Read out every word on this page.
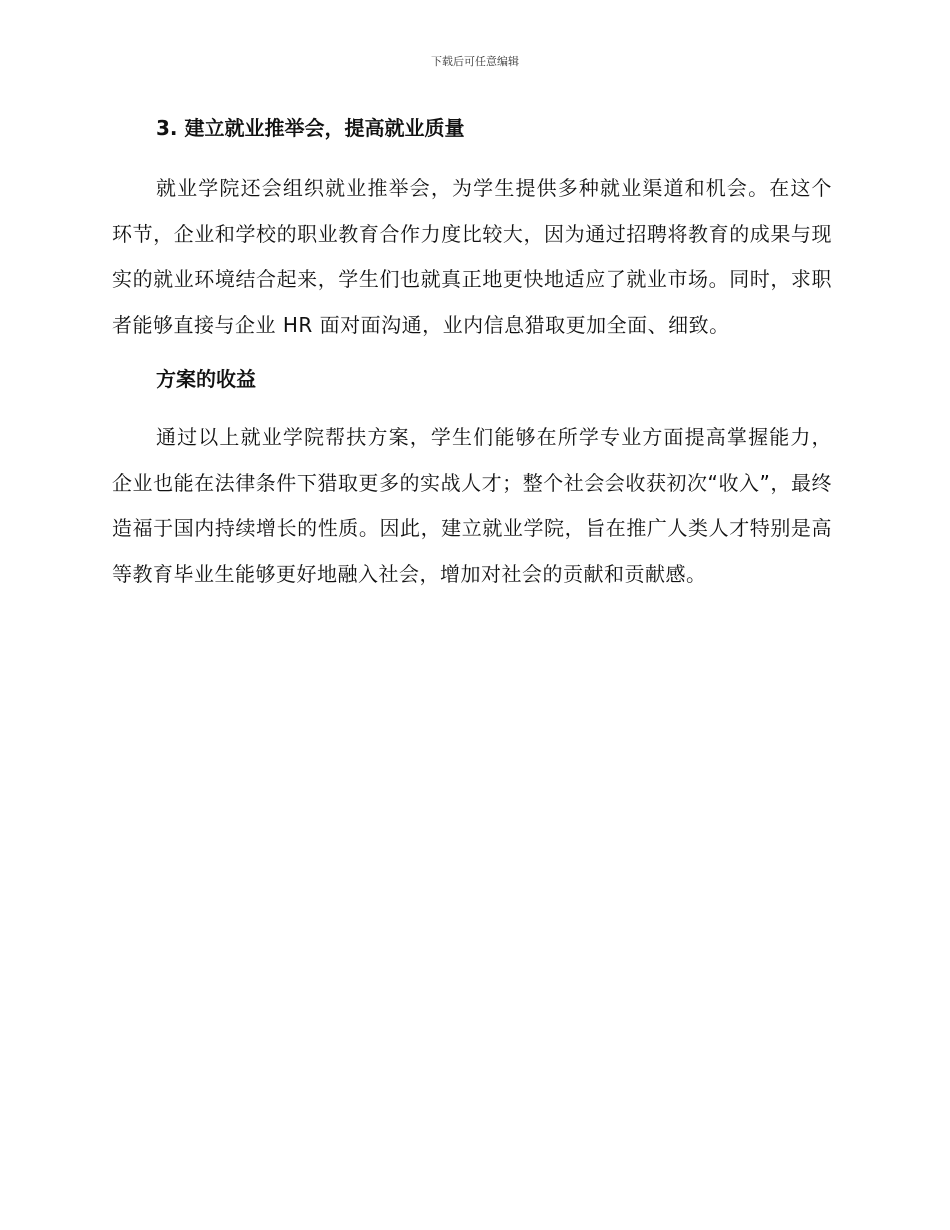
下载后可任意编辑
3. 建立就业推举会，提高就业质量

就业学院还会组织就业推举会，为学生提供多种就业渠道和机会。在这个环节，企业和学校的职业教育合作力度比较大，因为通过招聘将教育的成果与现实的就业环境结合起来，学生们也就真正地更快地适应了就业市场。同时，求职者能够直接与企业 HR 面对面沟通，业内信息猎取更加全面、细致。

方案的收益

通过以上就业学院帮扶方案，学生们能够在所学专业方面提高掌握能力，企业也能在法律条件下猎取更多的实战人才；整个社会会收获初次“收入”，最终造福于国内持续增长的性质。因此，建立就业学院，旨在推广人类人才特别是高等教育毕业生能够更好地融入社会，增加对社会的贡献和贡献感。
